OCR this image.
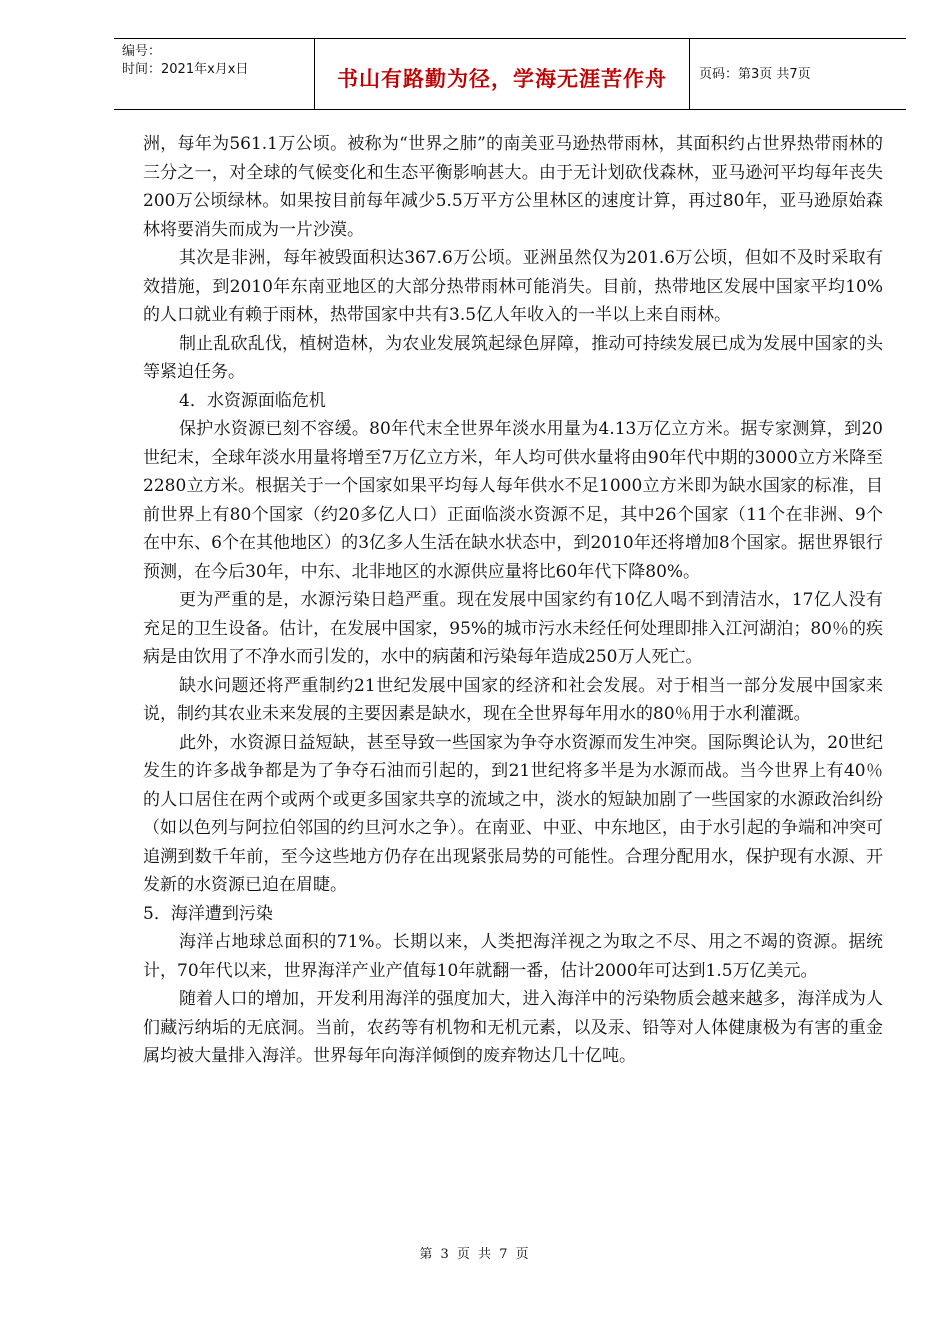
编号：
时间：2021年x月x日	书山有路勤为径，学海无涯苦作舟	页码：第3页 共7页

洲，每年为561.1万公顷。被称为“世界之肺”的南美亚马逊热带雨林，其面积约占世界热带雨林的三分之一，对全球的气候变化和生态平衡影响甚大。由于无计划砍伐森林，亚马逊河平均每年丧失200万公顷绿林。如果按目前每年减少5.5万平方公里林区的速度计算，再过80年，亚马逊原始森林将要消失而成为一片沙漠。

其次是非洲，每年被毁面积达367.6万公顷。亚洲虽然仅为201.6万公顷，但如不及时采取有效措施，到2010年东南亚地区的大部分热带雨林可能消失。目前，热带地区发展中国家平均10%的人口就业有赖于雨林，热带国家中共有3.5亿人年收入的一半以上来自雨林。

制止乱砍乱伐，植树造林，为农业发展筑起绿色屏障，推动可持续发展已成为发展中国家的头等紧迫任务。

4．水资源面临危机

保护水资源已刻不容缓。80年代末全世界年淡水用量为4.13万亿立方米。据专家测算，到20世纪末，全球年淡水用量将增至7万亿立方米，年人均可供水量将由90年代中期的3000立方米降至2280立方米。根据关于一个国家如果平均每人每年供水不足1000立方米即为缺水国家的标准，目前世界上有80个国家（约20多亿人口）正面临淡水资源不足，其中26个国家（11个在非洲、9个在中东、6个在其他地区）的3亿多人生活在缺水状态中，到2010年还将增加8个国家。据世界银行预测，在今后30年，中东、北非地区的水源供应量将比60年代下降80%。

更为严重的是，水源污染日趋严重。现在发展中国家约有10亿人喝不到清洁水，17亿人没有充足的卫生设备。估计，在发展中国家，95%的城市污水未经任何处理即排入江河湖泊；80％的疾病是由饮用了不净水而引发的，水中的病菌和污染每年造成250万人死亡。

缺水问题还将严重制约21世纪发展中国家的经济和社会发展。对于相当一部分发展中国家来说，制约其农业未来发展的主要因素是缺水，现在全世界每年用水的80％用于水利灌溉。

此外，水资源日益短缺，甚至导致一些国家为争夺水资源而发生冲突。国际舆论认为，20世纪发生的许多战争都是为了争夺石油而引起的，到21世纪将多半是为水源而战。当今世界上有40％的人口居住在两个或两个或更多国家共享的流域之中，淡水的短缺加剧了一些国家的水源政治纠纷（如以色列与阿拉伯邻国的约旦河水之争）。在南亚、中亚、中东地区，由于水引起的争端和冲突可追溯到数千年前，至今这些地方仍存在出现紧张局势的可能性。合理分配用水，保护现有水源、开发新的水资源已迫在眉睫。

5．海洋遭到污染

海洋占地球总面积的71%。长期以来，人类把海洋视之为取之不尽、用之不竭的资源。据统计，70年代以来，世界海洋产业产值每10年就翻一番，估计2000年可达到1.5万亿美元。

随着人口的增加，开发利用海洋的强度加大，进入海洋中的污染物质会越来越多，海洋成为人们藏污纳垢的无底洞。当前，农药等有机物和无机元素，以及汞、铅等对人体健康极为有害的重金属均被大量排入海洋。世界每年向海洋倾倒的废弃物达几十亿吨。

第 3 页 共 7 页
